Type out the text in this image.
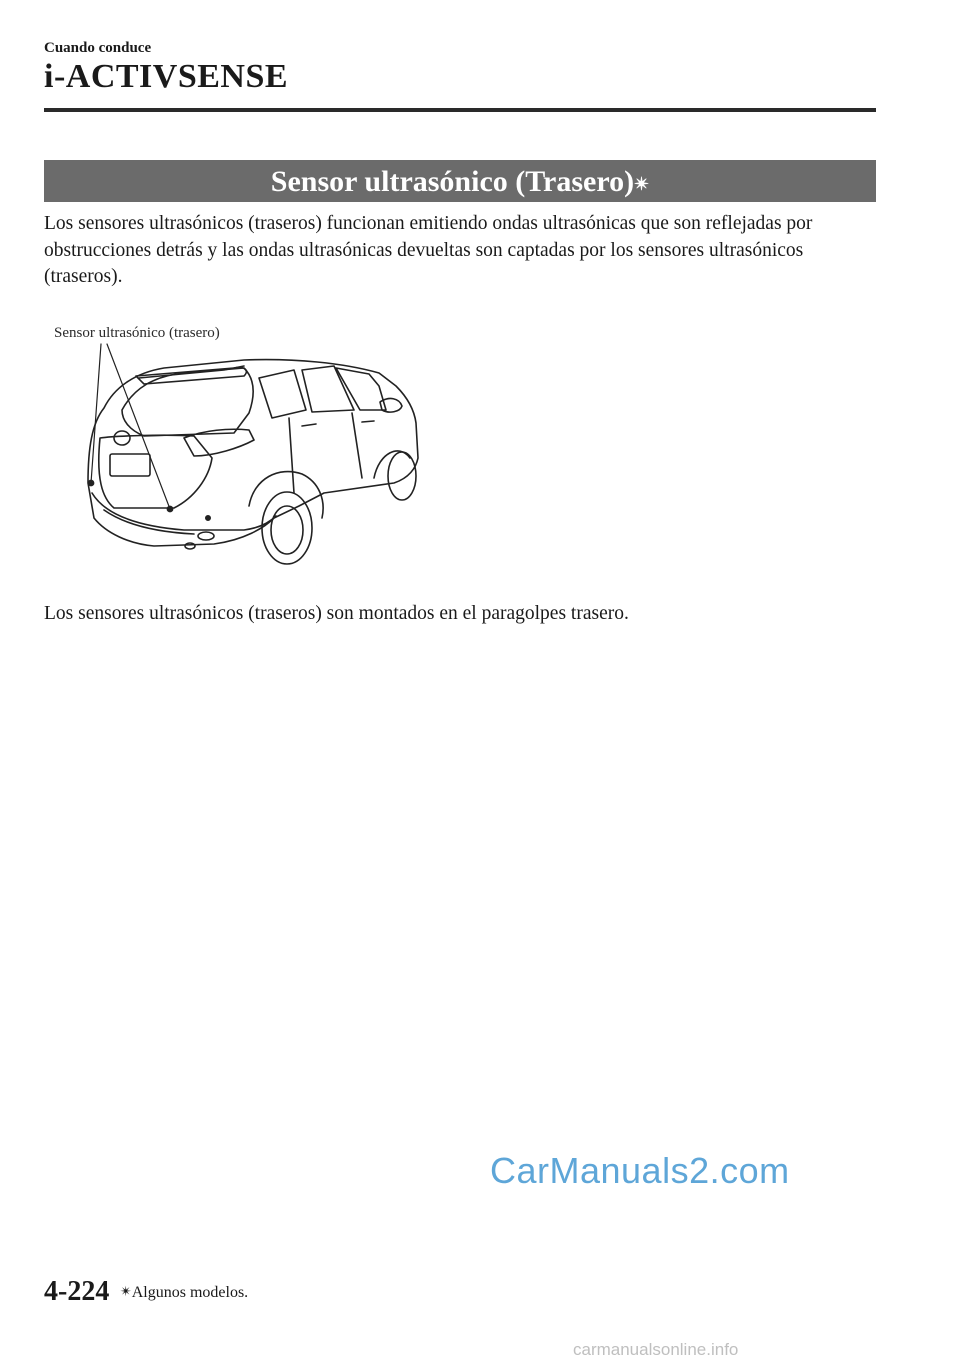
Cuando conduce
i-ACTIVSENSE
Sensor ultrasónico (Trasero)✴
Los sensores ultrasónicos (traseros) funcionan emitiendo ondas ultrasónicas que son reflejadas por obstrucciones detrás y las ondas ultrasónicas devueltas son captadas por los sensores ultrasónicos (traseros).
Sensor ultrasónico (trasero)
Los sensores ultrasónicos (traseros) son montados en el paragolpes trasero.
CarManuals2.com
4-224 ✴Algunos modelos.
carmanualsonline.info
